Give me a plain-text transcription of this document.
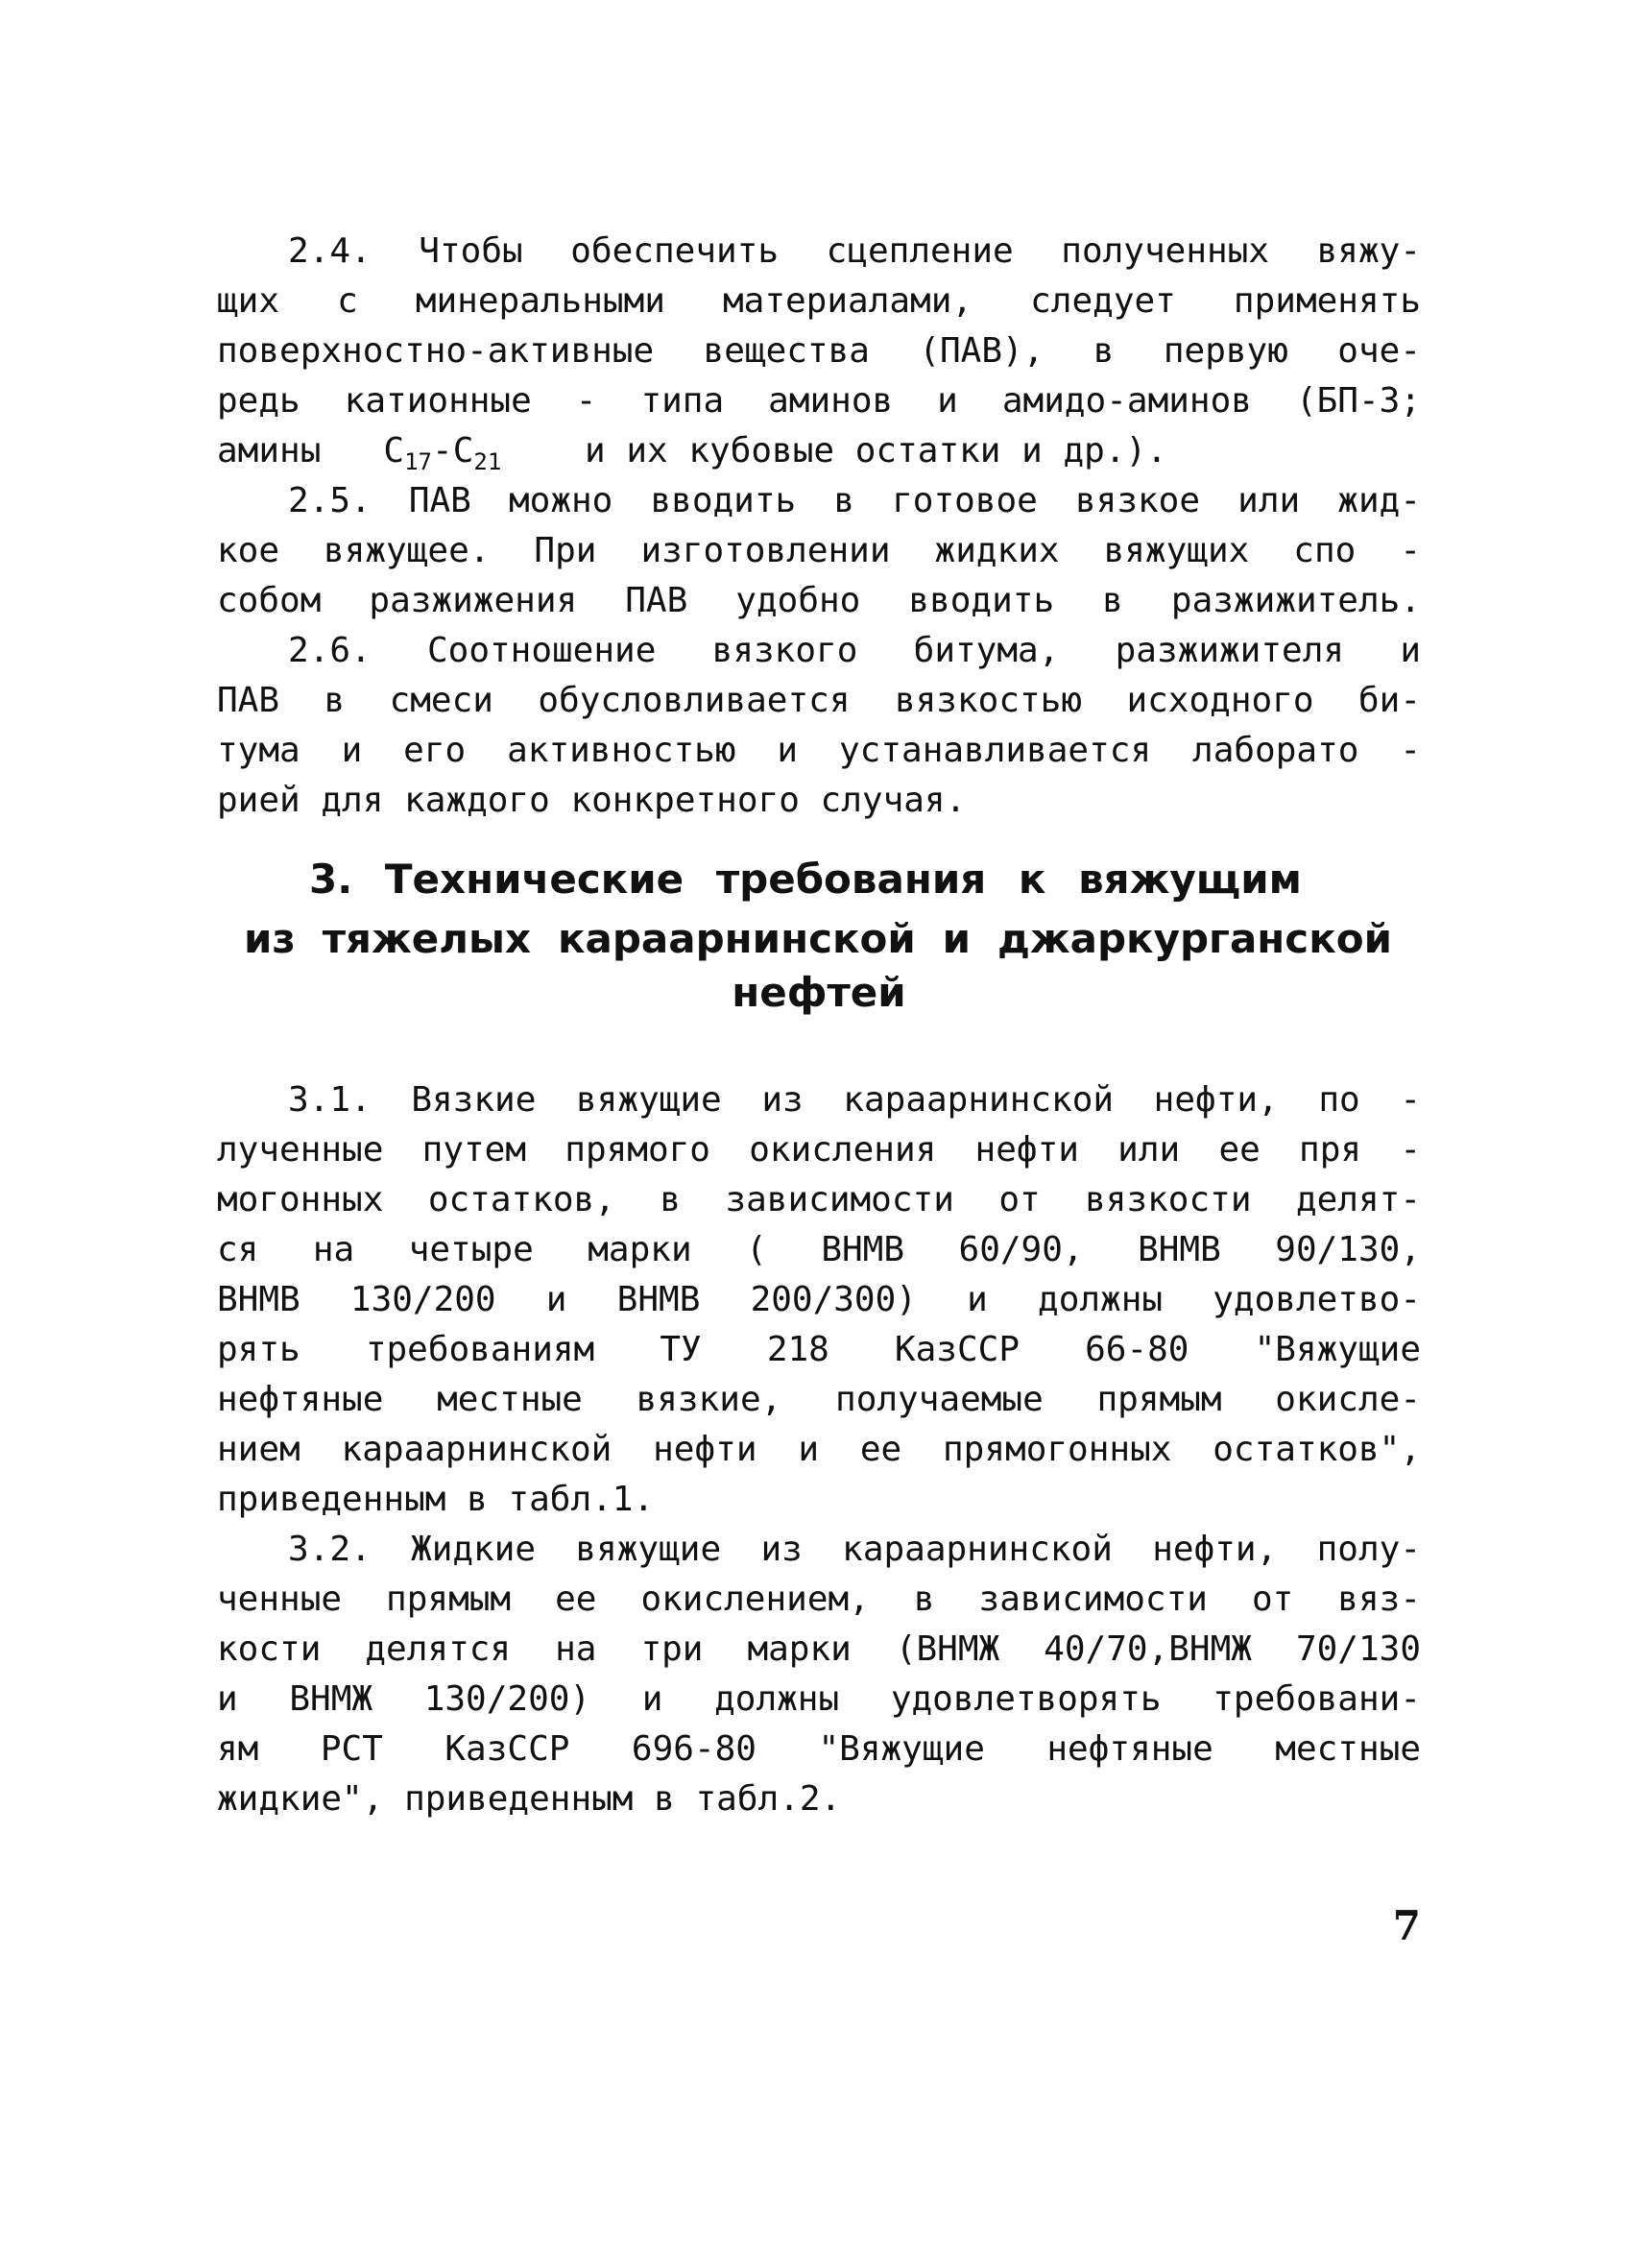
2.4. Чтобы обеспечить сцепление полученных вяжу-
щих с минеральными материалами, следует применять
поверхностно-активные вещества (ПАВ), в первую оче-
редь катионные - типа аминов и амидо-аминов (БП-3;
амины $C_{17}-C_{21}$ и их кубовые остатки и др.).
2.5. ПАВ можно вводить в готовое вязкое или жид-
кое вяжущее. При изготовлении жидких вяжущих спо -
собом разжижения ПАВ удобно вводить в разжижитель.
2.6. Соотношение вязкого битума, разжижителя и
ПАВ в смеси обусловливается вязкостью исходного би-
тума и его активностью и устанавливается лаборато -
рией для каждого конкретного случая.
3. Технические требования к вяжущим
из тяжелых караарнинской и джаркурганской
нефтей
3.1. Вязкие вяжущие из караарнинской нефти, по -
лученные путем прямого окисления нефти или ее пря -
могонных остатков, в зависимости от вязкости делят-
ся на четыре марки ( ВНМВ 60/90, ВНМВ 90/130,
ВНМВ 130/200 и ВНМВ 200/300) и должны удовлетво-
рять требованиям ТУ 218 КазССР 66-80 "Вяжущие
нефтяные местные вязкие, получаемые прямым окисле-
нием караарнинской нефти и ее прямогонных остатков",
приведенным в табл.1.
3.2. Жидкие вяжущие из караарнинской нефти, полу-
ченные прямым ее окислением, в зависимости от вяз-
кости делятся на три марки (ВНМЖ 40/70,ВНМЖ 70/130
и ВНМЖ 130/200) и должны удовлетворять требовани-
ям РСТ КазССР 696-80 "Вяжущие нефтяные местные
жидкие", приведенным в табл.2.
7
